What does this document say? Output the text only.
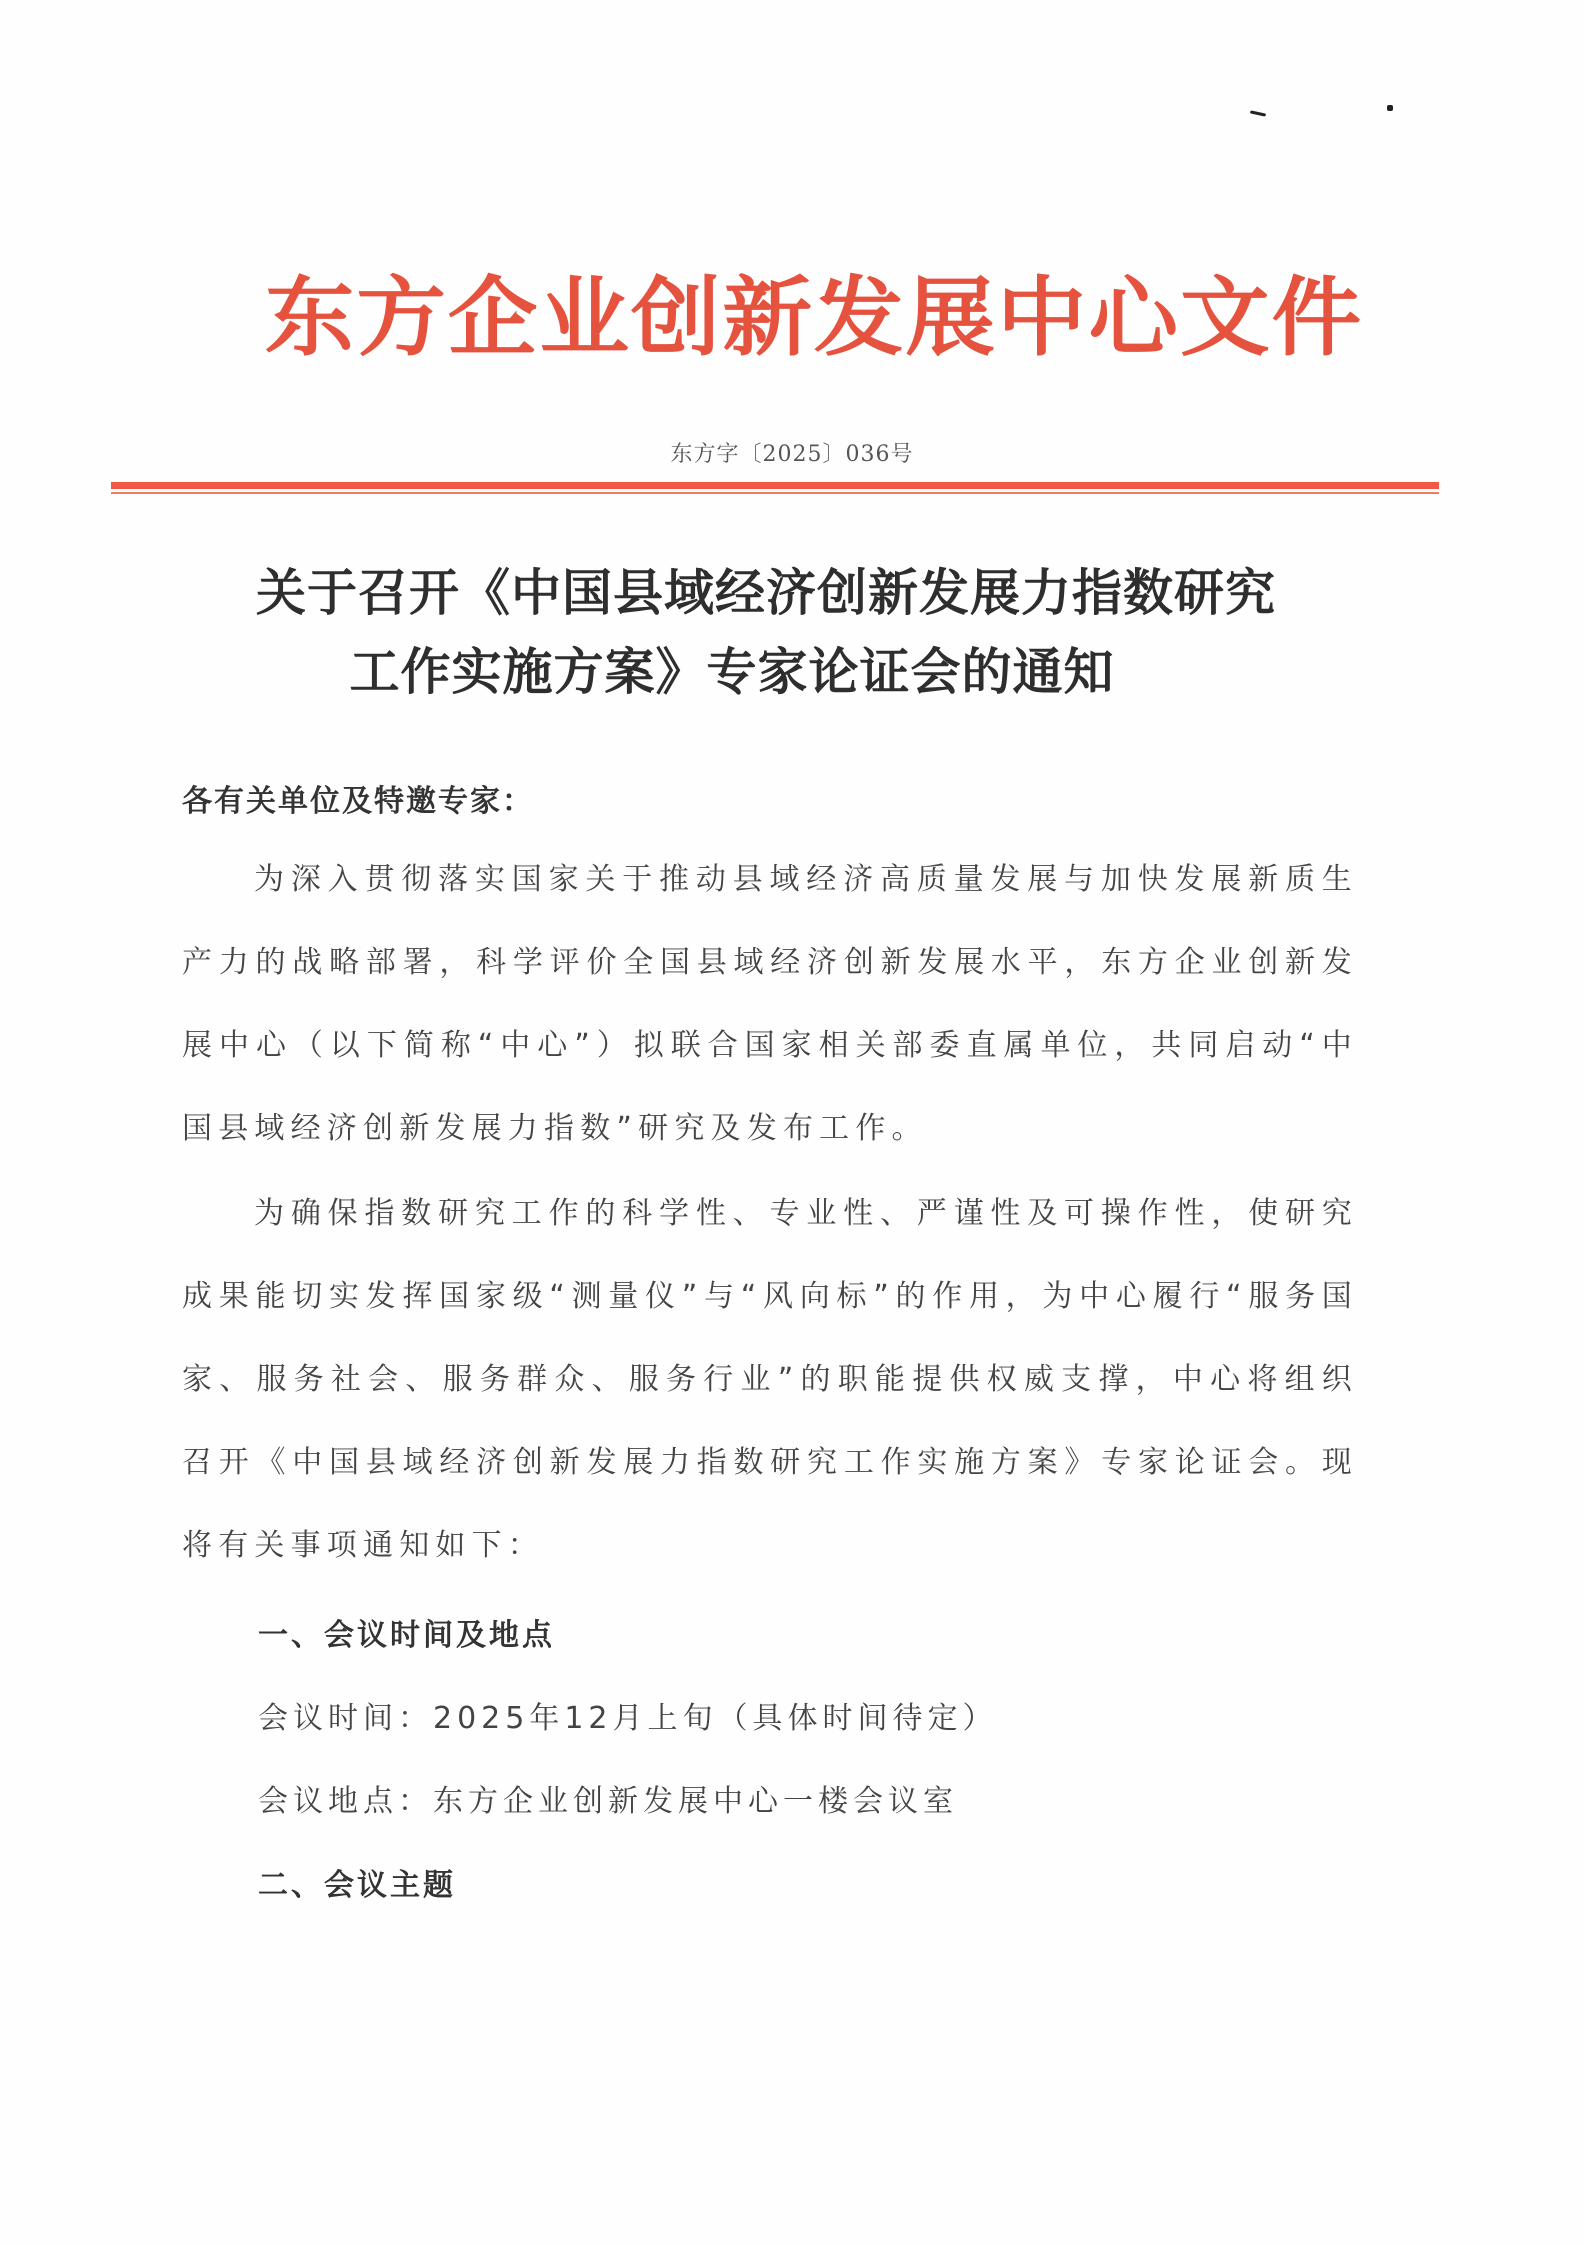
东方企业创新发展中心文件
东方字〔2025〕036号
关于召开《中国县域经济创新发展力指数研究
工作实施方案》专家论证会的通知
各有关单位及特邀专家：
为深入贯彻落实国家关于推动县域经济高质量发展与加快发展新质生产力的战略部署，科学评价全国县域经济创新发展水平，东方企业创新发展中心（以下简称“中心”）拟联合国家相关部委直属单位，共同启动“中国县域经济创新发展力指数”研究及发布工作。
为确保指数研究工作的科学性、专业性、严谨性及可操作性，使研究成果能切实发挥国家级“测量仪”与“风向标”的作用，为中心履行“服务国家、服务社会、服务群众、服务行业”的职能提供权威支撑，中心将组织召开《中国县域经济创新发展力指数研究工作实施方案》专家论证会。现将有关事项通知如下：
一、会议时间及地点
会议时间：2025年12月上旬（具体时间待定）
会议地点：东方企业创新发展中心一楼会议室
二、会议主题
